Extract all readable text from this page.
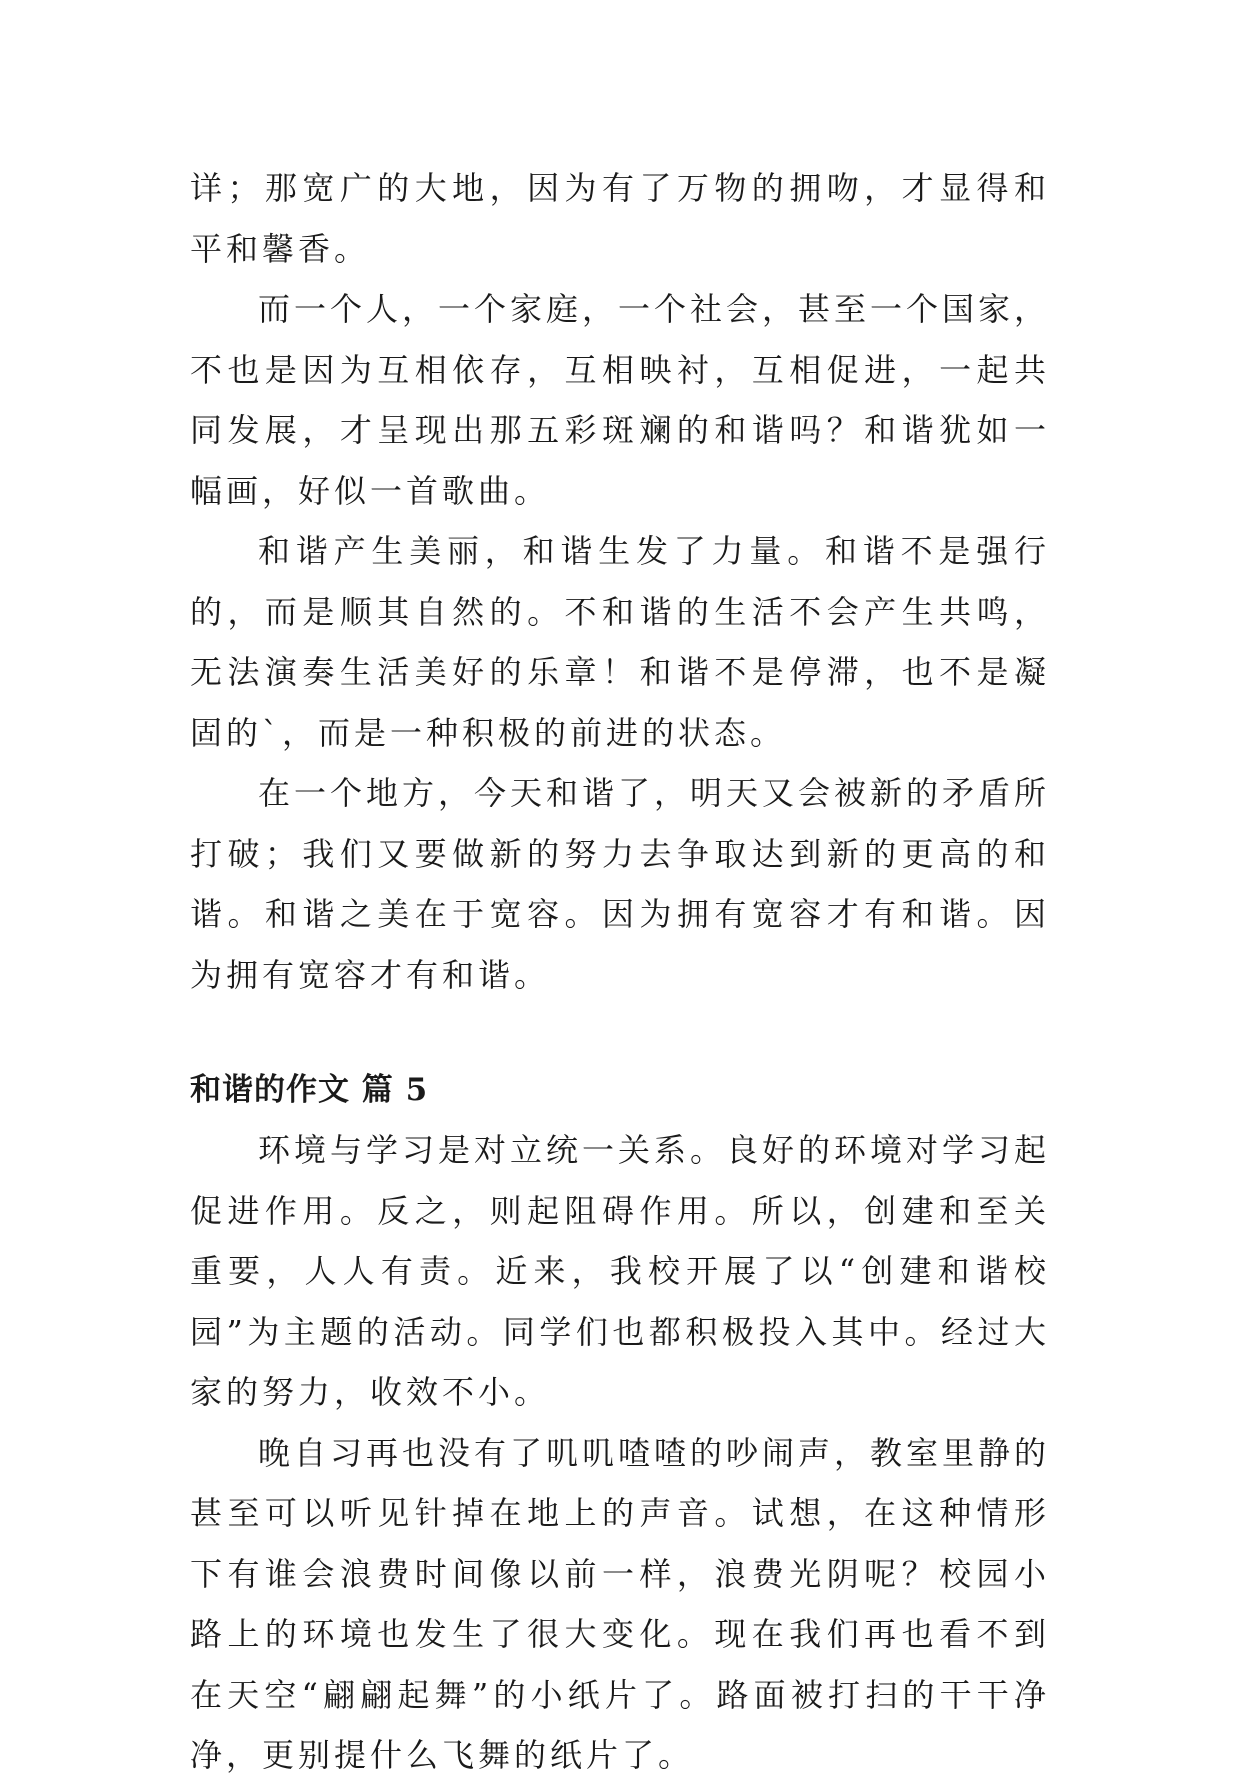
详；那宽广的大地，因为有了万物的拥吻，才显得和平和馨香。

而一个人，一个家庭，一个社会，甚至一个国家，不也是因为互相依存，互相映衬，互相促进，一起共同发展，才呈现出那五彩斑斓的和谐吗？和谐犹如一幅画，好似一首歌曲。

和谐产生美丽，和谐生发了力量。和谐不是强行的，而是顺其自然的。不和谐的生活不会产生共鸣，无法演奏生活美好的乐章！和谐不是停滞，也不是凝固的`，而是一种积极的前进的状态。

在一个地方，今天和谐了，明天又会被新的矛盾所打破；我们又要做新的努力去争取达到新的更高的和谐。和谐之美在于宽容。因为拥有宽容才有和谐。因为拥有宽容才有和谐。

和谐的作文 篇 5

环境与学习是对立统一关系。良好的环境对学习起促进作用。反之，则起阻碍作用。所以，创建和至关重要，人人有责。近来，我校开展了以“创建和谐校园”为主题的活动。同学们也都积极投入其中。经过大家的努力，收效不小。

晚自习再也没有了叽叽喳喳的吵闹声，教室里静的甚至可以听见针掉在地上的声音。试想，在这种情形下有谁会浪费时间像以前一样，浪费光阴呢？校园小路上的环境也发生了很大变化。现在我们再也看不到在天空“翩翩起舞”的小纸片了。路面被打扫的干干净净，更别提什么飞舞的纸片了。
